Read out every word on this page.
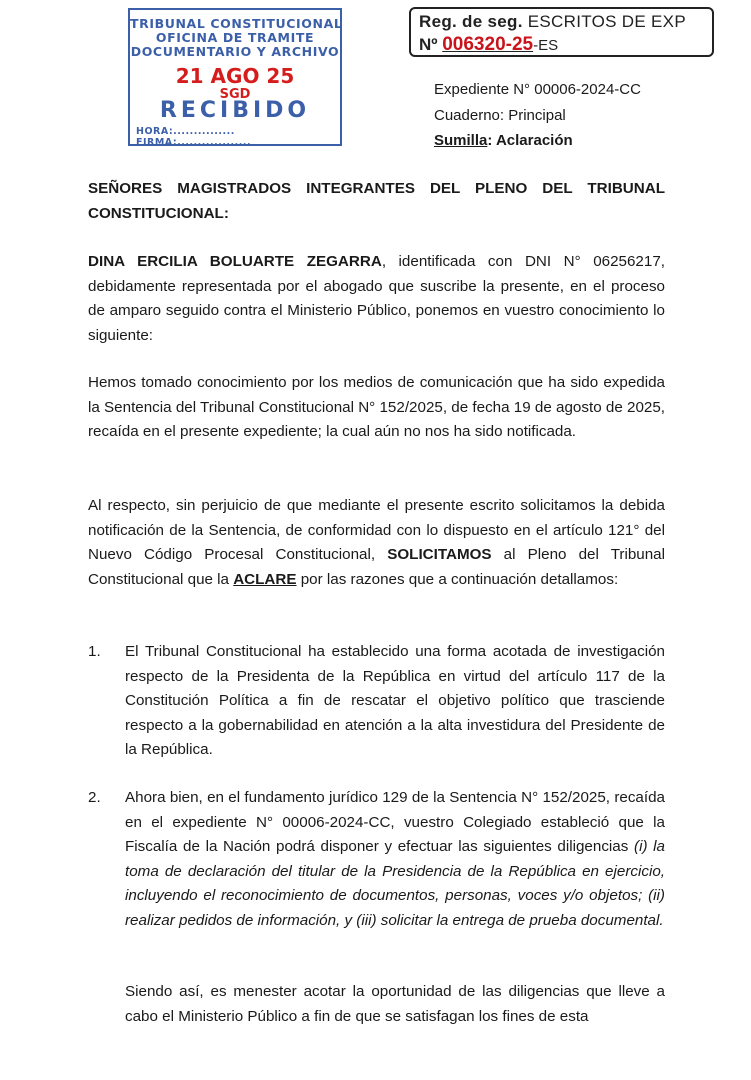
TRIBUNAL CONSTITUCIONAL
OFICINA DE TRAMITE
DOCUMENTARIO Y ARCHIVO
21 AGO 25
SGD
RECIBIDO
HORA:............... FIRMA:..................
Reg. de seg. ESCRITOS DE EXP
Nº 006320-25-ES
Expediente N° 00006-2024-CC
Cuaderno: Principal
Sumilla: Aclaración
SEÑORES MAGISTRADOS INTEGRANTES DEL PLENO DEL TRIBUNAL CONSTITUCIONAL:
DINA ERCILIA BOLUARTE ZEGARRA, identificada con DNI N° 06256217, debidamente representada por el abogado que suscribe la presente, en el proceso de amparo seguido contra el Ministerio Público, ponemos en vuestro conocimiento lo siguiente:
Hemos tomado conocimiento por los medios de comunicación que ha sido expedida la Sentencia del Tribunal Constitucional N° 152/2025, de fecha 19 de agosto de 2025, recaída en el presente expediente; la cual aún no nos ha sido notificada.
Al respecto, sin perjuicio de que mediante el presente escrito solicitamos la debida notificación de la Sentencia, de conformidad con lo dispuesto en el artículo 121° del Nuevo Código Procesal Constitucional, SOLICITAMOS al Pleno del Tribunal Constitucional que la ACLARE por las razones que a continuación detallamos:
1. El Tribunal Constitucional ha establecido una forma acotada de investigación respecto de la Presidenta de la República en virtud del artículo 117 de la Constitución Política a fin de rescatar el objetivo político que trasciende respecto a la gobernabilidad en atención a la alta investidura del Presidente de la República.
2. Ahora bien, en el fundamento jurídico 129 de la Sentencia N° 152/2025, recaída en el expediente N° 00006-2024-CC, vuestro Colegiado estableció que la Fiscalía de la Nación podrá disponer y efectuar las siguientes diligencias (i) la toma de declaración del titular de la Presidencia de la República en ejercicio, incluyendo el reconocimiento de documentos, personas, voces y/o objetos; (ii) realizar pedidos de información, y (iii) solicitar la entrega de prueba documental.
Siendo así, es menester acotar la oportunidad de las diligencias que lleve a cabo el Ministerio Público a fin de que se satisfagan los fines de esta
